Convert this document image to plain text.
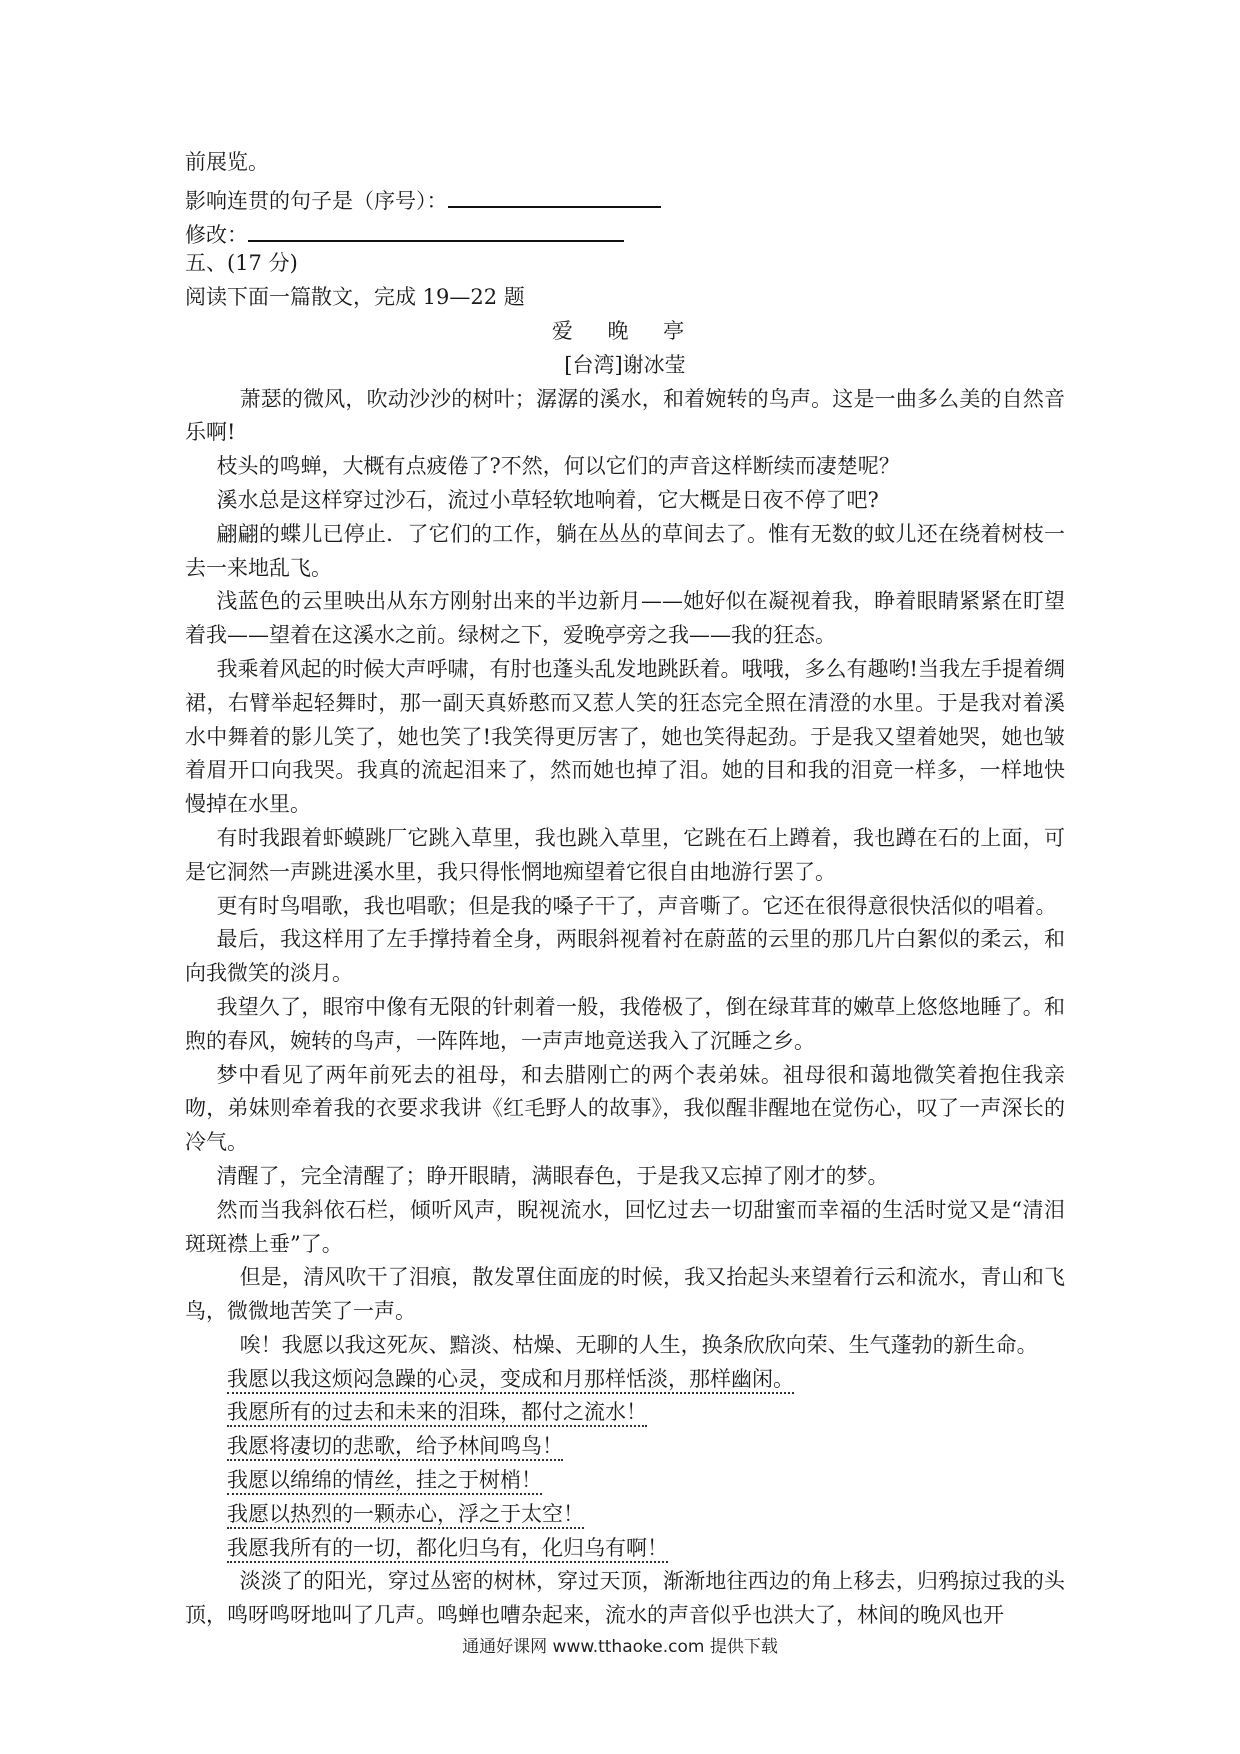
前展览。
影响连贯的句子是（序号）：
修改：
五、(17 分)
阅读下面一篇散文，完成 19—22 题
爱 晚 亭
[台湾]谢冰莹
萧瑟的微风，吹动沙沙的树叶；潺潺的溪水，和着婉转的鸟声。这是一曲多么美的自然音乐啊!
枝头的鸣蝉，大概有点疲倦了?不然，何以它们的声音这样断续而凄楚呢？
溪水总是这样穿过沙石，流过小草轻软地响着，它大概是日夜不停了吧?
翩翩的蝶儿已停止．了它们的工作，躺在丛丛的草间去了。惟有无数的蚊儿还在绕着树枝一去一来地乱飞。
浅蓝色的云里映出从东方刚射出来的半边新月——她好似在凝视着我，睁着眼睛紧紧在盯望着我——望着在这溪水之前。绿树之下，爱晚亭旁之我——我的狂态。
我乘着风起的时候大声呼啸，有肘也蓬头乱发地跳跃着。哦哦，多么有趣哟!当我左手提着绸裙，右臂举起轻舞时，那一副天真娇憨而又惹人笑的狂态完全照在清澄的水里。于是我对着溪水中舞着的影儿笑了，她也笑了!我笑得更厉害了，她也笑得起劲。于是我又望着她哭，她也皱着眉开口向我哭。我真的流起泪来了，然而她也掉了泪。她的目和我的泪竟一样多，一样地快慢掉在水里。
有时我跟着虾蟆跳厂它跳入草里，我也跳入草里，它跳在石上蹲着，我也蹲在石的上面，可是它洞然一声跳进溪水里，我只得怅惘地痴望着它很自由地游行罢了。
更有时鸟唱歌，我也唱歌；但是我的嗓子干了，声音嘶了。它还在很得意很快活似的唱着。
最后，我这样用了左手撑持着全身，两眼斜视着衬在蔚蓝的云里的那几片白絮似的柔云，和向我微笑的淡月。
我望久了，眼帘中像有无限的针刺着一般，我倦极了，倒在绿茸茸的嫩草上悠悠地睡了。和煦的春风，婉转的鸟声，一阵阵地，一声声地竟送我入了沉睡之乡。
梦中看见了两年前死去的祖母，和去腊刚亡的两个表弟妹。祖母很和蔼地微笑着抱住我亲吻，弟妹则牵着我的衣要求我讲《红毛野人的故事》，我似醒非醒地在觉伤心，叹了一声深长的冷气。
清醒了，完全清醒了；睁开眼睛，满眼春色，于是我又忘掉了刚才的梦。
然而当我斜依石栏，倾听风声，睨视流水，回忆过去一切甜蜜而幸福的生活时觉又是“清泪斑斑襟上垂”了。
但是，清风吹干了泪痕，散发罩住面庞的时候，我又抬起头来望着行云和流水，青山和飞鸟，微微地苦笑了一声。
唉！我愿以我这死灰、黯淡、枯燥、无聊的人生，换条欣欣向荣、生气蓬勃的新生命。
我愿以我这烦闷急躁的心灵，变成和月那样恬淡，那样幽闲。
我愿所有的过去和未来的泪珠，都付之流水！
我愿将凄切的悲歌，给予林间鸣鸟！
我愿以绵绵的情丝，挂之于树梢！
我愿以热烈的一颗赤心，浮之于太空！
我愿我所有的一切，都化归乌有，化归乌有啊！
淡淡了的阳光，穿过丛密的树林，穿过天顶，渐渐地往西边的角上移去，归鸦掠过我的头顶，鸣呀鸣呀地叫了几声。鸣蝉也嘈杂起来，流水的声音似乎也洪大了，林间的晚风也开
通通好课网 www.tthaoke.com 提供下载
